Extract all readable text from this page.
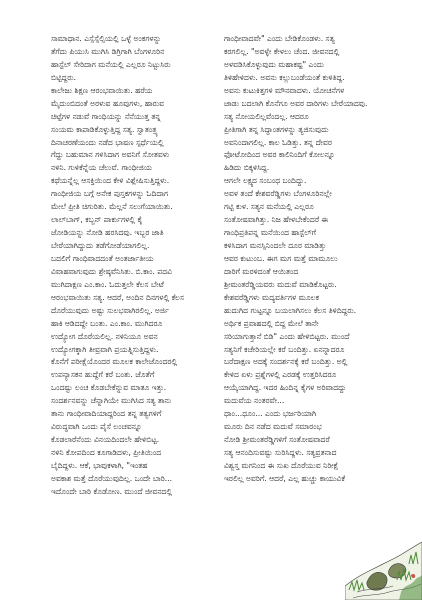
ಸಾಮಾಧಾನ. ಎಸ್ಸೆಸ್ಸೆಲ್ಸಿಯಲ್ಲಿ ಒಳ್ಳೆ ಅಂಕಗಳನ್ನು
ತೆಗೆದು ಪಿಯುಸಿ ಮುಗಿಸಿ ಡಿಗ್ರಿಗಾಗಿ ಬೆಂಗಳೂರಿನ
ಹಾಸ್ಟೆಲ್ ಸೇರಿದಾಗ ಮನೆಯಲ್ಲಿ ಎಲ್ಲರೂ ನಿಟ್ಟುಸಿರು
ಬಿಟ್ಟಿದ್ದರು.
ಕಾಲೇಜು ಶಿಕ್ಷಣ ಆರಂಭವಾಯಿತು. ಹರೆಯ
ಮೈದುಂಬಿದಂತೆ ಅರಳುವ ಹೂವುಗಳು, ಹಾರುವ
ಚಿಟ್ಟೆಗಳ ನಡುವೆ ಗಾಂಧಿಯನ್ನು ನೆನೆಯುತ್ತ ತನ್ನ
ಸಂಯಮ ಕಾಪಾಡಿಕೊಳ್ಳುತ್ತಿದ್ದ ಸತ್ಯ. ಸ್ವಾತಂತ್ರ್ಯ
ದಿನಾಚರಣೆಯಂದು ನಡೆದ ಭಾಷಣ ಸ್ಪರ್ಧೆಯಲ್ಲಿ
ಗೆದ್ದು ಬಹುಮಾನ ಗಳಿಸಿದಾಗ ಅವನಿಗೆ ಸೋತವಳು
ನಳಿನಿ. ಗುಳಿಕೆನ್ನೆಯ ಚೆಲುವೆ. ಗಾಂಧೀಜಿಯ
ಕಥೆಯನ್ನೆಲ್ಲ ಆಸಕ್ತಿಯಿಂದ ಕೇಳಿ ವಿಶ್ಲೇಷಿಸುತ್ತಿದ್ದಳು.
ಗಾಂಧೀಜಿಯ ಬಗ್ಗೆ ಅನೇಕ ಪುಸ್ತಕಗಳನ್ನು ಓದಿದಾಗ
ಮೇಲೆ ಪ್ರೀತಿ ಚಿಗುರಿತು. ಮೆಲ್ಲನೆ ಸಲುಗೆಯಾಯಿತು.
ಲಾಲ್‌ಬಾಗ್, ಕಬ್ಬನ್ ಪಾರ್ಕುಗಳಲ್ಲಿ ಕೈ
ಜೋಡಿಯನ್ನು ನೋಡಿ ಹರಸಿದವು. ಇಬ್ಬರ ಜಾತಿ
ಬೇರೆಯಾಗಿದ್ದುದು ತಡೆಗೋಡೆಯಾಗಲಿಲ್ಲ.
ಬದಲಿಗೆ ಗಾಂಧಿವಾದದಂತೆ ಅಂತರ್ಜಾತೀಯ
ವಿವಾಹವಾಗುವುದು ಶ್ರೇಷ್ಠವೆನಿಸಿತು. ಬಿ.ಕಾಂ. ಪದವಿ
ಮುಗಿದಾಕ್ಷಣ ಎಂ.ಕಾಂ. ಓದುತ್ತಲೇ ಕೆಲಸ ಬೇಟೆ
ಆರಂಭವಾಯಿತು ಸತ್ಯ. ಆದರೆ, ಅಂದಿನ ದಿನಗಳಲ್ಲಿ ಕೆಲಸ
ದೊರೆಯುವುದು ಅಷ್ಟು ಸುಲಭವಾಗಿರಲಿಲ್ಲ. ಅರ್ಜಿ
ಹಾಕಿ ಆಡಿದದ್ದೇ ಬಂತು. ಎಂ.ಕಾಂ. ಮುಗಿದರೂ
ಉದ್ಯೋಗ ದೊರೆಯಲಿಲ್ಲ. ನಳಿನಿಯೂ ಅವನ
ಉದ್ಯೋಗಕ್ಕಾಗಿ ತೀವ್ರವಾಗಿ ಪ್ರಯತ್ನಿಸುತ್ತಿದ್ದಳು.
ಕೊನೆಗೆ ಪರೀಕ್ಷೆಯೊಂದರ ಮೂಲಕ ಕಾಲೇಜೊಂದರಲ್ಲಿ
ಉಪನ್ಯಾಸಕನ ಹುದ್ದೆಗೆ ಕರೆ ಬಂತು. ಜೊತೆಗೆ
ಒಂದಷ್ಟು ಲಂಚ ಕೊಡಬೇಕೆನ್ನುವ ಮಾತೂ ಇತ್ತು.
ಸಂದರ್ಶನವನ್ನು ಚೆನ್ನಾಗಿಯೇ ಮುಗಿಸಿದ ಸತ್ಯ ತಾನು
ತಾನು ಗಾಂಧೀವಾದಿಯಾದ್ದರಿಂದ ತನ್ನ ತತ್ವಗಳಿಗೆ
ವಿರುದ್ಧವಾಗಿ ಒಂದು ಪೈಸೆ ಲಂಚವನ್ನೂ
ಕೊಡಲಾರೆನೆಂದು ವಿನಯದಿಂದಲೇ ಹೇಳಿಬಿಟ್ಟ.
ನಳಿನಿ ಕೋಪದಿಂದ ಕೂಗಾಡಿದಳು, ಪ್ರೀತಿಯಿಂದ
ಬೈದಿದ್ದಳು. ಆಕೆ, ಭಾವುಕಳಾಗಿ, "ಇಂತಹ
ಅವಕಾಶ ಮತ್ತೆ ದೊರೆಯುವುದಿಲ್ಲ. ಒಂದೇ ಬಾರಿ...
ಇದೊಂದೇ ಬಾರಿ ಕೊಡೋಣ. ಮುಂದೆ ಜೀವನದಲ್ಲಿ
ಗಾಂಧೀವಾದವೇ" ಎಂದು ಬೇಡಿಕೊಂಡಳು. ಸತ್ಯ
ಕರಗಲಿಲ್ಲ. "ಅವಳ್ಳೇ ಕೇಳಲು ಚೆಂದ. ಜೀವನದಲ್ಲಿ
ಅಳವಡಿಸಿಕೊಳ್ಳುವುದು ಮಹಾಕಷ್ಟ" ಎಂದು
ತಿಳಿಹೇಳಿದಳು. ಅವನು ಕಲ್ಲುಬಂಡೆಯಂತೆ ಕುಳಿತಿದ್ದ.
ಅವನು ಕುಟುಕಿತ್ತಗಳಿ ಮೌನವಾದಳು. ಯೋಚನೆಗಳ
ಜಾಡು ಬದಲಾಗಿ ಕೊನೆಗೂ ಅವರ ದಾರಿಗಳು ಬೇರೆಯಾದವು.
ಸತ್ಯ ನೋಯಲಿಲ್ಲವೆಂದಲ್ಲ. ಆದರೂ
ಪ್ರೀತಿಗಾಗಿ ತನ್ನ ಸಿದ್ಧಾಂತಗಳನ್ನು ತ್ಯಜಿಸುವುದು
ಅವನಿಂದಾಗಲಿಲ್ಲ. ಕಾಲ ಓಡಿತ್ತು. ತನ್ನ ದೇವರ
ಫೋಟೋದಿಂದ ಅವರ ಕಾಲಿನಿಂದಿಗೆ ಕೋಲನ್ನೂ
ಹಿಡಿದು ಬಿಕ್ಕಳಿಸಿದ್ದ.
ಆಗಲೇ ಲಕ್ಷ್ಯದ ಸಂಬಂಧ ಬಂದಿದ್ದು.
ಅವಳ ತಂದೆ ಕೇಶವರೆಡ್ಡಿಗಳು ಬೆಂಗಳೂರಿನಲ್ಲೇ
ಗಟ್ಟಿ ಕುಳ. ಸತ್ಯನ ಮನೆಯಲ್ಲಿ ಎಲ್ಲರೂ
ಸಂತೋಷವಾಗಿತ್ತು. ನಿಜ ಹೇಳಬೇಕೆಂದರೆ ಈ
ಗಾಂಧಿಪ್ರತಿಪನ್ನ ಮನೆಯಿಂದ ಹಾಸ್ಟೆಲ್‌ಗೆ
ಕಳಿಸಿದಾಗ ಮನಸ್ಸಿನಿಂದಲೇ ದೂರ ಮಾಡಿತ್ತು
ಆವರ ಕುಟುಂಬ. ಈಗ ಮಗ ಮತ್ತೆ ಮಾಮೂಲು
ದಾರಿಗೆ ಮರಳಿದಂತೆ ಆಯಿತಂದ
ಶ್ರೀಮಂತರೆಡ್ಡಿಯವರು ಮದುವೆ ಮಾಡಿಕೊಟ್ಟರು.
ಕೇಶವರೆಡ್ಡಿಗಳು ಮದ್ಯವರ್ತಿಗಳ ಮೂಲಕ
ಹುದುಗಿದ ಗುಟ್ಟನ್ನೂ ಬಯಲಾಗಿಸಲು ಕೆಲಸ ತಿಳಿದಿದ್ದರು.
ಅರ್ಥಿಕ ಪ್ರವಾಹದಲ್ಲಿ ಬಿದ್ದ ಮೇಲೆ ತಾನೇ
ಸರಿಯಾಗುತ್ತಾನೆ ಬಿಡಿ" ಎಂದು ಹೇಳಿಬಿಟ್ಟರು. ಮುಂದೆ
ಸತ್ಯನಿಗೆ ಕಚೇರಿಯಲ್ಲೇ ಕರೆ ಬಂದಿತ್ತು. ಏನನ್ನಾದರೂ
ಬರೆದಾಕ್ಷಣ ಅದಕ್ಕೆ ಸಂದರ್ಶನಕ್ಕೆ ಕರೆ ಬಂದಿತ್ತು. ಅಲ್ಲಿ
ಕೇಳಿದ ಏಳು ಪ್ರಶ್ನೆಗಳಲ್ಲಿ ಎರಡಕ್ಕೆ ಉತ್ತರಿಸಿದರೂ
ಆಯ್ಕೆಯಾಗಿದ್ದ. ಇದರ ಹಿಂದಿನ್ನ ಕೈಗಳ ಅರಿವಾದದ್ದು
ಮದುವೆಯ ನಂತರವೇ...
ಧಾಂ...ಧೂಂ... ಎಂದು ಭರ್ಜರಿಯಾಗಿ
ಮೂರು ದಿನ ನಡೆದ ಮದುವೆ ಸಮಾರಂಭ
ನೋಡಿ ಶ್ರೀಮಂತರೆಡ್ಡಿಗಳಿಗೆ ಸಂತೋಷವಾದರೆ
ಸತ್ಯ ಆನಂದಿಸುವಷ್ಟು ಸುರಿಸಿದ್ದಳು. ಸತ್ಯವ್ರತನಾದ
ವಿಶ್ವಸ್ತ ಮಗನಿಂದ ಈ ಸುಖ ದೊರೆಯುವ ನಿರೀಕ್ಷೆ
ಇರಲಿಲ್ಲ ಅವರಿಗೆ. ಆದರೆ, ಎಲ್ಲ ಹುಚ್ಚು ಕಾಯುವಿಕೆ
